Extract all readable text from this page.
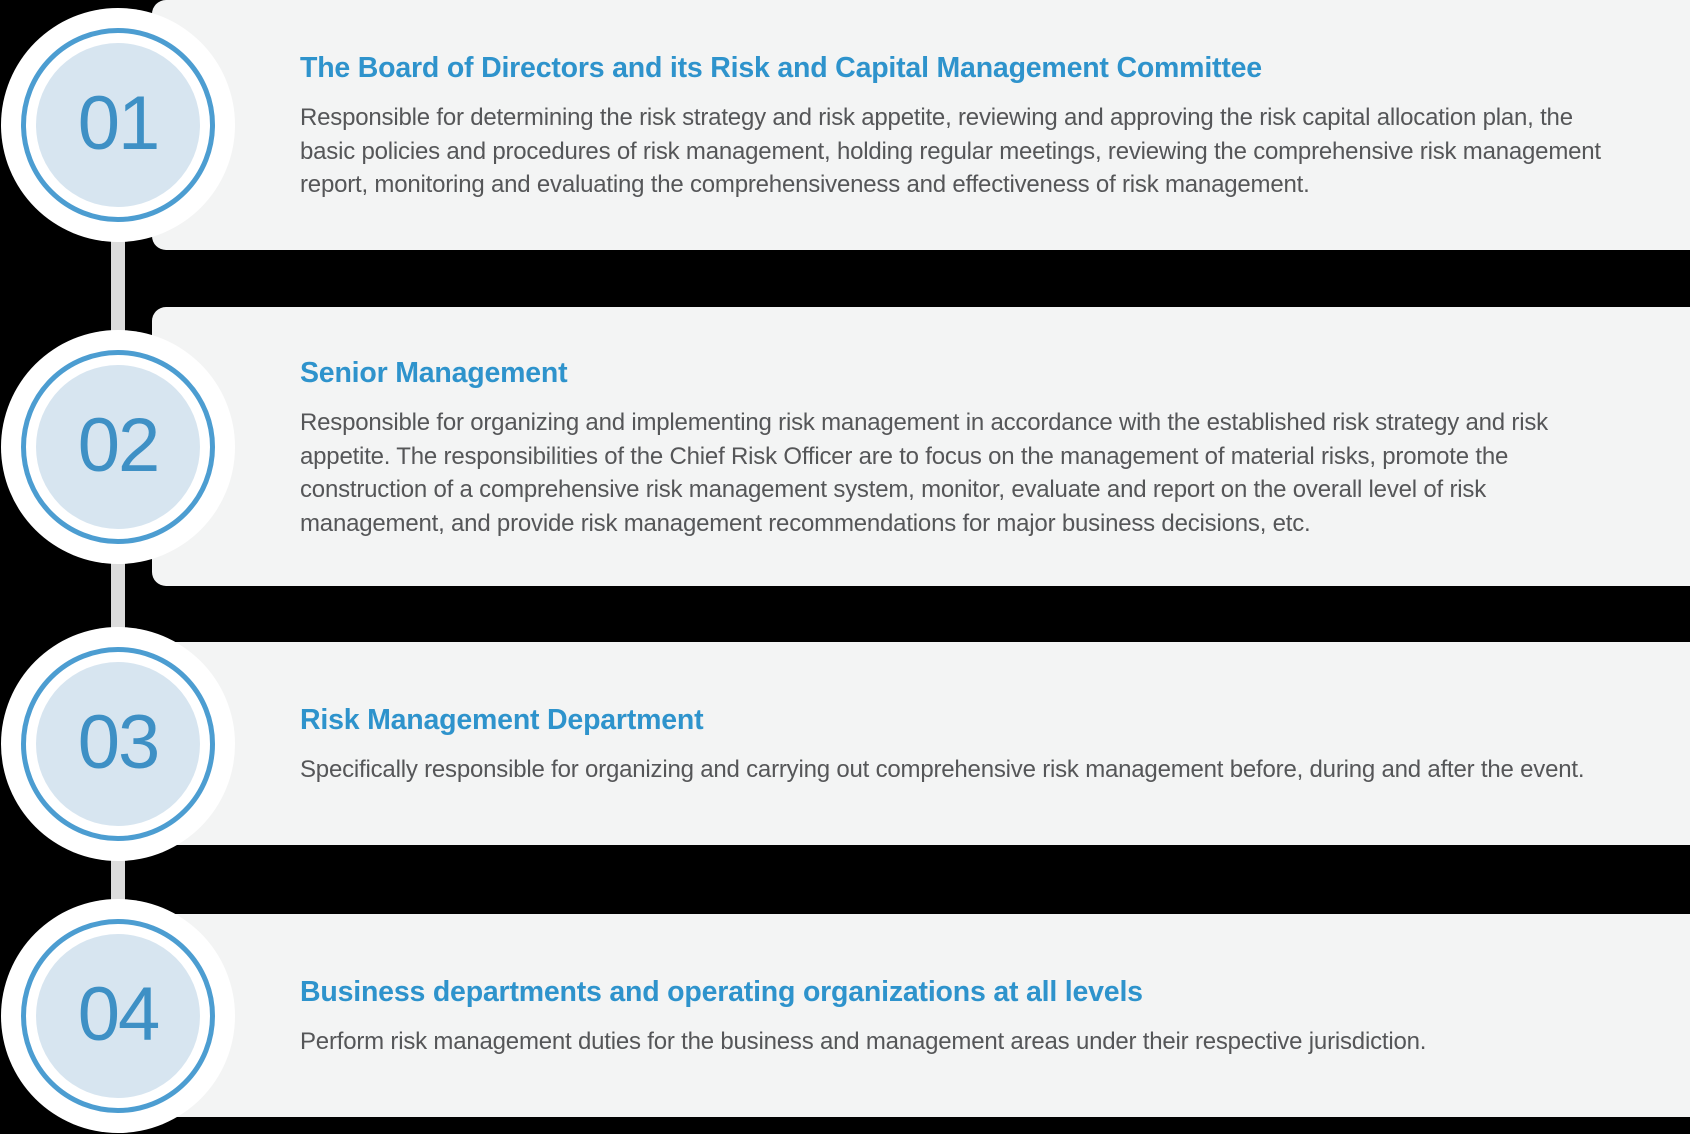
The Board of Directors and its Risk and Capital Management Committee

Responsible for determining the risk strategy and risk appetite, reviewing and approving the risk capital allocation plan, the basic policies and procedures of risk management, holding regular meetings, reviewing the comprehensive risk management report, monitoring and evaluating the comprehensiveness and effectiveness of risk management.

01
Senior Management

Responsible for organizing and implementing risk management in accordance with the established risk strategy and risk appetite. The responsibilities of the Chief Risk Officer are to focus on the management of material risks, promote the construction of a comprehensive risk management system, monitor, evaluate and report on the overall level of risk management, and provide risk management recommendations for major business decisions, etc.

02
Risk Management Department

Specifically responsible for organizing and carrying out comprehensive risk management before, during and after the event.

03
Business departments and operating organizations at all levels

Perform risk management duties for the business and management areas under their respective jurisdiction.

04
